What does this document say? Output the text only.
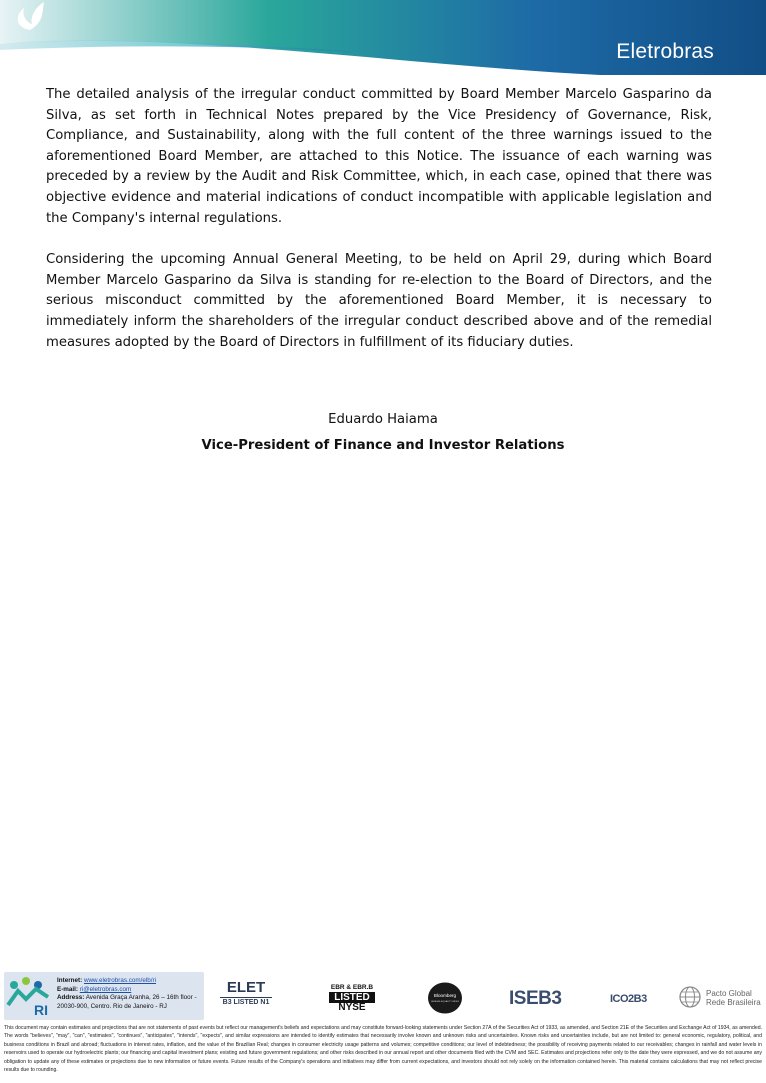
Eletrobras

The detailed analysis of the irregular conduct committed by Board Member Marcelo Gasparino da Silva, as set forth in Technical Notes prepared by the Vice Presidency of Governance, Risk, Compliance, and Sustainability, along with the full content of the three warnings issued to the aforementioned Board Member, are attached to this Notice. The issuance of each warning was preceded by a review by the Audit and Risk Committee, which, in each case, opined that there was objective evidence and material indications of conduct incompatible with applicable legislation and the Company's internal regulations.

Considering the upcoming Annual General Meeting, to be held on April 29, during which Board Member Marcelo Gasparino da Silva is standing for re-election to the Board of Directors, and the serious misconduct committed by the aforementioned Board Member, it is necessary to immediately inform the shareholders of the irregular conduct described above and of the remedial measures adopted by the Board of Directors in fulfillment of its fiduciary duties.

Eduardo Haiama
Vice-President of Finance and Investor Relations
RI
Internet: www.eletrobras.com/elb/ri
E-mail: ri@eletrobras.com
Address: Avenida Graça Aranha, 26 – 16th floor - 20030-900, Centro. Rio de Janeiro - RJ
ELET
B3 LISTED N1
EBR & EBR.B
LISTED
NYSE
Bloomberg
GENDER-EQUALITY INDEX	ISEB3	ICO2B3	Pacto Global
Rede Brasileira

This document may contain estimates and projections that are not statements of past events but reflect our management's beliefs and expectations and may constitute forward-looking statements under Section 27A of the Securities Act of 1933, as amended, and Section 21E of the Securities and Exchange Act of 1934, as amended. The words "believes", "may", "can", "estimates", "continues", "anticipates", "intends", "expects", and similar expressions are intended to identify estimates that necessarily involve known and unknown risks and uncertainties. Known risks and uncertainties include, but are not limited to: general economic, regulatory, political, and business conditions in Brazil and abroad; fluctuations in interest rates, inflation, and the value of the Brazilian Real; changes in consumer electricity usage patterns and volumes; competitive conditions; our level of indebtedness; the possibility of receiving payments related to our receivables; changes in rainfall and water levels in reservoirs used to operate our hydroelectric plants; our financing and capital investment plans; existing and future government regulations; and other risks described in our annual report and other documents filed with the CVM and SEC. Estimates and projections refer only to the date they were expressed, and we do not assume any obligation to update any of these estimates or projections due to new information or future events. Future results of the Company's operations and initiatives may differ from current expectations, and investors should not rely solely on the information contained herein. This material contains calculations that may not reflect precise results due to rounding.
